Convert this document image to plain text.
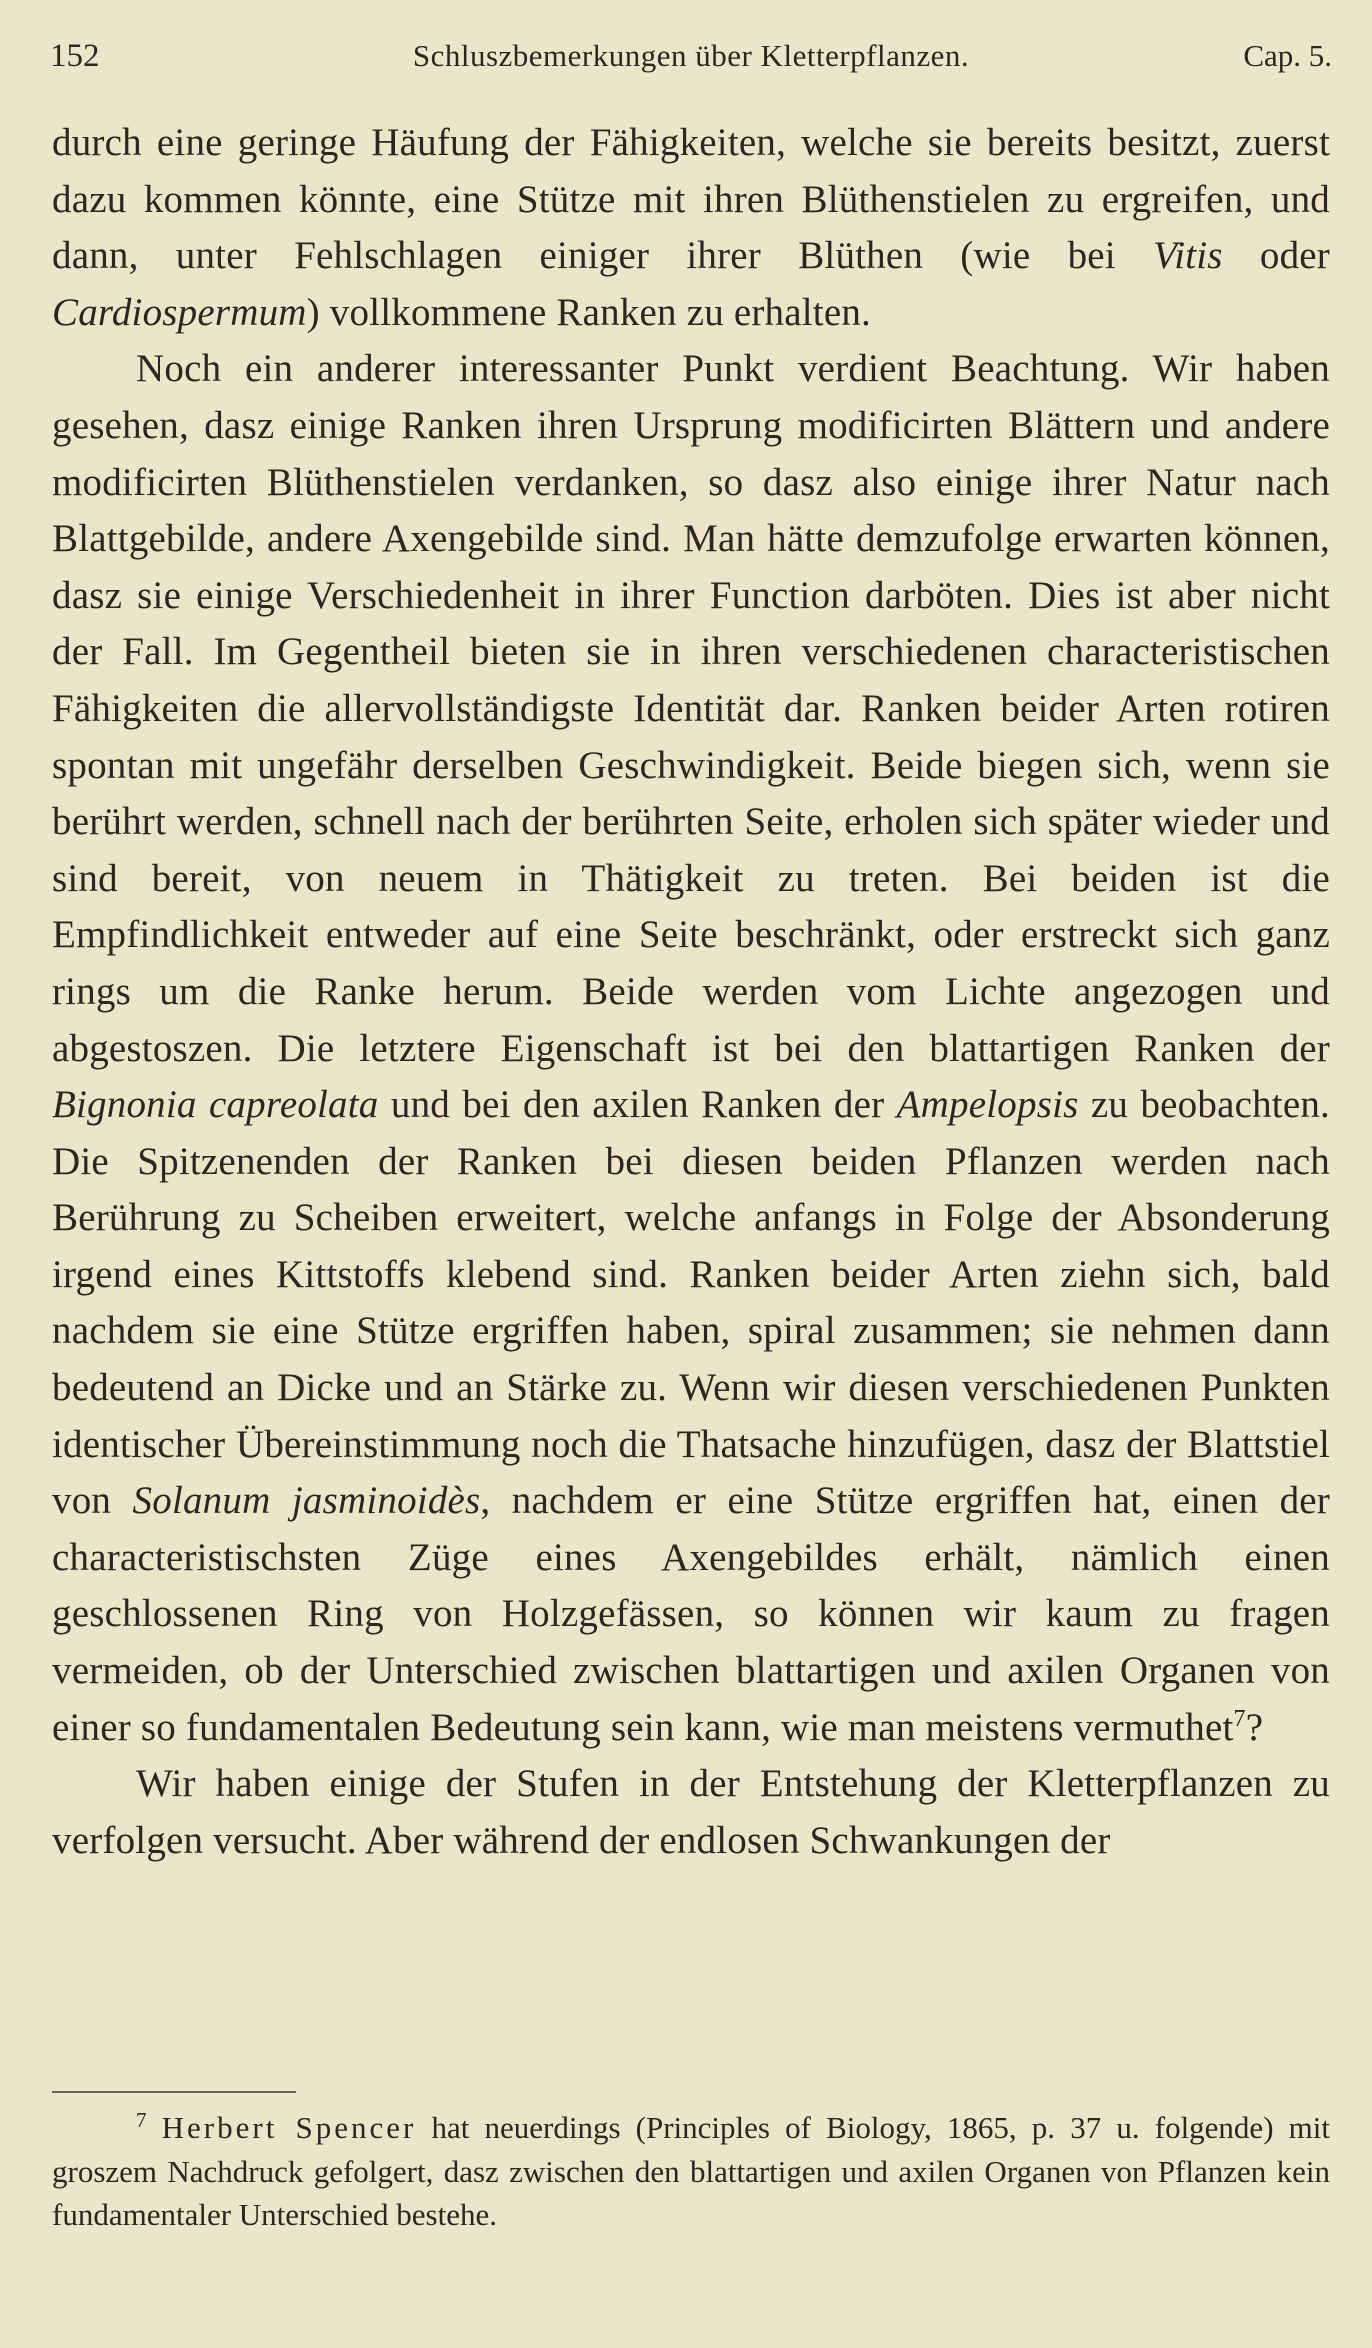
152	Schluszbemerkungen über Kletterpflanzen.	Cap. 5.

durch eine geringe Häufung der Fähigkeiten, welche sie bereits besitzt, zuerst dazu kommen könnte, eine Stütze mit ihren Blüthenstielen zu ergreifen, und dann, unter Fehlschlagen einiger ihrer Blüthen (wie bei Vitis oder Cardiospermum) vollkommene Ranken zu erhalten.

Noch ein anderer interessanter Punkt verdient Beachtung. Wir haben gesehen, dasz einige Ranken ihren Ursprung modificirten Blättern und andere modificirten Blüthenstielen verdanken, so dasz also einige ihrer Natur nach Blattgebilde, andere Axengebilde sind. Man hätte demzufolge erwarten können, dasz sie einige Verschiedenheit in ihrer Function darböten. Dies ist aber nicht der Fall. Im Gegentheil bieten sie in ihren verschiedenen characteristischen Fähigkeiten die allervollständigste Identität dar. Ranken beider Arten rotiren spontan mit ungefähr derselben Geschwindigkeit. Beide biegen sich, wenn sie berührt werden, schnell nach der berührten Seite, erholen sich später wieder und sind bereit, von neuem in Thätigkeit zu treten. Bei beiden ist die Empfindlichkeit entweder auf eine Seite beschränkt, oder erstreckt sich ganz rings um die Ranke herum. Beide werden vom Lichte angezogen und abgestoszen. Die letztere Eigenschaft ist bei den blattartigen Ranken der Bignonia capreolata und bei den axilen Ranken der Ampelopsis zu beobachten. Die Spitzenenden der Ranken bei diesen beiden Pflanzen werden nach Berührung zu Scheiben erweitert, welche anfangs in Folge der Absonderung irgend eines Kittstoffs klebend sind. Ranken beider Arten ziehn sich, bald nachdem sie eine Stütze ergriffen haben, spiral zusammen; sie nehmen dann bedeutend an Dicke und an Stärke zu. Wenn wir diesen verschiedenen Punkten identischer Übereinstimmung noch die Thatsache hinzufügen, dasz der Blattstiel von Solanum jasminoidès, nachdem er eine Stütze ergriffen hat, einen der characteristischsten Züge eines Axengebildes erhält, nämlich einen geschlossenen Ring von Holzgefässen, so können wir kaum zu fragen vermeiden, ob der Unterschied zwischen blattartigen und axilen Organen von einer so fundamentalen Bedeutung sein kann, wie man meistens vermuthet$^7$?

Wir haben einige der Stufen in der Entstehung der Kletterpflanzen zu verfolgen versucht. Aber während der endlosen Schwankungen der

$^7$ Herbert Spencer hat neuerdings (Principles of Biology, 1865, p. 37 u. folgende) mit groszem Nachdruck gefolgert, dasz zwischen den blattartigen und axilen Organen von Pflanzen kein fundamentaler Unterschied bestehe.
